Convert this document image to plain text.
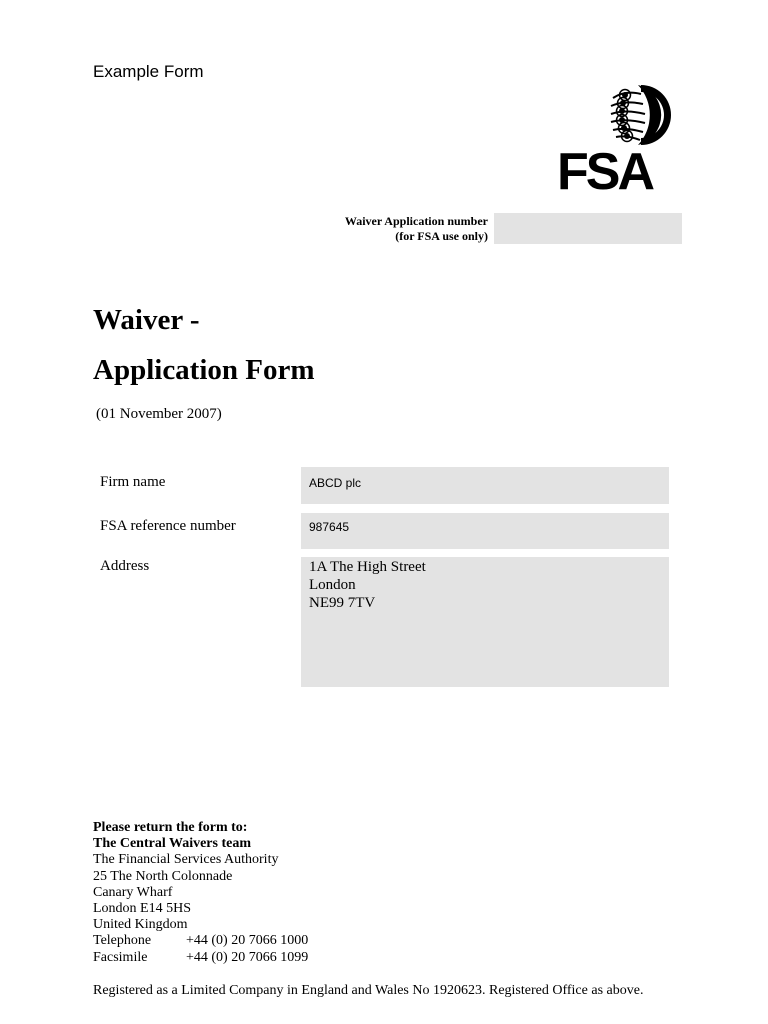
Example Form
FSA
Waiver Application number
(for FSA use only)
Waiver -
Application Form
(01 November 2007)
Firm name	ABCD plc
FSA reference number	987645
Address	1A The High Street
London
NE99 7TV
Please return the form to:
The Central Waivers team
The Financial Services Authority
25 The North Colonnade
Canary Wharf
London E14 5HS
United Kingdom
Telephone +44 (0) 20 7066 1000
Facsimile	+44 (0) 20 7066 1099
Registered as a Limited Company in England and Wales No 1920623. Registered Office as above.
